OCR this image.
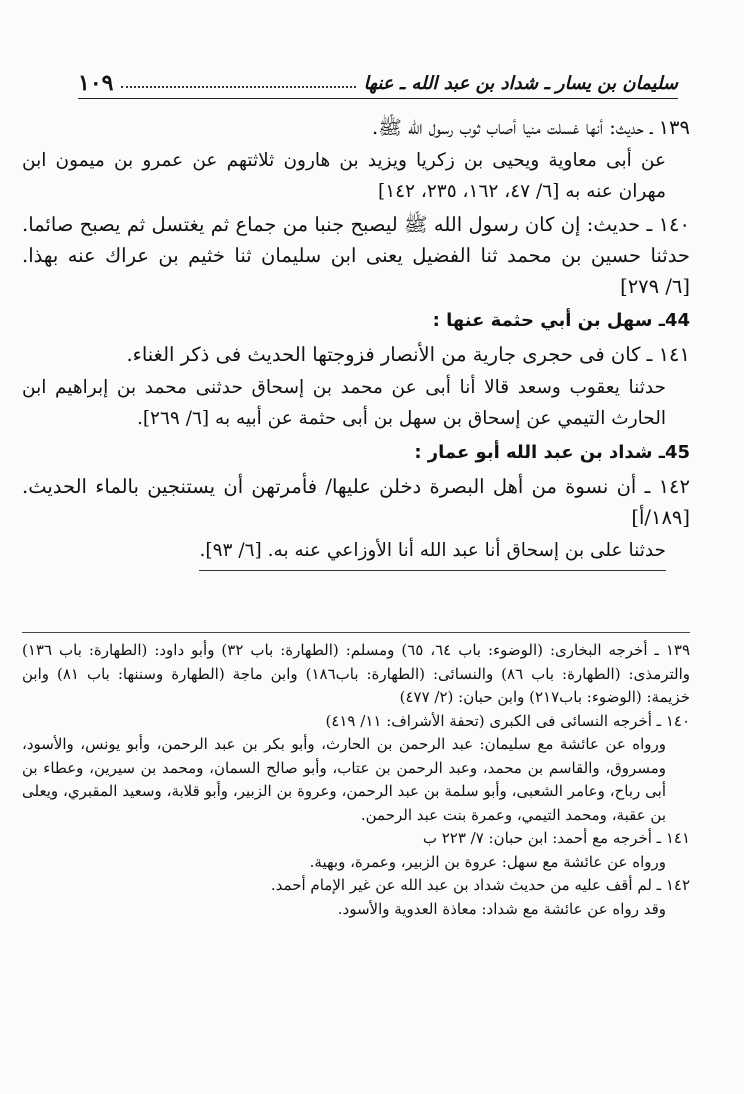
سليمان بن يسار ـ شداد بن عبد الله ـ عنها
١٠٩

١٣٩ ـ حديث: أنها غسلت منيا أصاب ثوب رسول الله ﷺ.

عن أبى معاوية ويحيى بن زكريا ويزيد بن هارون ثلاثتهم عن عمرو بن ميمون ابن مهران عنه به [٦/ ٤٧، ١٦٢، ٢٣٥، ١٤٢]

١٤٠ ـ حديث: إن كان رسول الله ﷺ ليصبح جنبا من جماع ثم يغتسل ثم يصبح صائما. حدثنا حسين بن محمد ثنا الفضيل يعنى ابن سليمان ثنا خثيم بن عراك عنه بهذا. [٦/ ٢٧٩]

44ـ سهل بن أبي حثمة عنها :

١٤١ ـ كان فى حجرى جارية من الأنصار فزوجتها الحديث فى ذكر الغناء.

حدثنا يعقوب وسعد قالا أنا أبى عن محمد بن إسحاق حدثنى محمد بن إبراهيم ابن الحارث التيمي عن إسحاق بن سهل بن أبى حثمة عن أبيه به [٦/ ٢٦٩].

45ـ شداد بن عبد الله أبو عمار :

١٤٢ ـ أن نسوة من أهل البصرة دخلن عليها/ فأمرتهن أن يستنجين بالماء الحديث. [١٨٩/أ]

حدثنا على بن إسحاق أنا عبد الله أنا الأوزاعي عنه به. [٦/ ٩٣].

١٣٩ ـ أخرجه البخارى: (الوضوء: باب ٦٤، ٦٥) ومسلم: (الطهارة: باب ٣٢) وأبو داود: (الطهارة: باب ١٣٦) والترمذى: (الطهارة: باب ٨٦) والنسائى: (الطهارة: باب١٨٦) وابن ماجة (الطهارة وسننها: باب ٨١) وابن خزيمة: (الوضوء: باب٢١٧) وابن حبان: (٢/ ٤٧٧)

١٤٠ ـ أخرجه النسائى فى الكبرى (تحفة الأشراف: ١١/ ٤١٩)

ورواه عن عائشة مع سليمان: عبد الرحمن بن الحارث، وأبو بكر بن عبد الرحمن، وأبو يونس، والأسود، ومسروق، والقاسم بن محمد، وعبد الرحمن بن عتاب، وأبو صالح السمان، ومحمد بن سيرين، وعطاء بن أبى رباح، وعامر الشعبى، وأبو سلمة بن عبد الرحمن، وعروة بن الزبير، وأبو قلابة، وسعيد المقبري، ويعلى بن عقبة، ومحمد التيمي، وعمرة بنت عبد الرحمن.

١٤١ ـ أخرجه مع أحمد: ابن حبان: ٧/ ٢٢٣ ب

ورواه عن عائشة مع سهل: عروة بن الزبير، وعمرة، وبهية.

١٤٢ ـ لم أقف عليه من حديث شداد بن عبد الله عن غير الإمام أحمد.

وقد رواه عن عائشة مع شداد: معاذة العدوية والأسود.
